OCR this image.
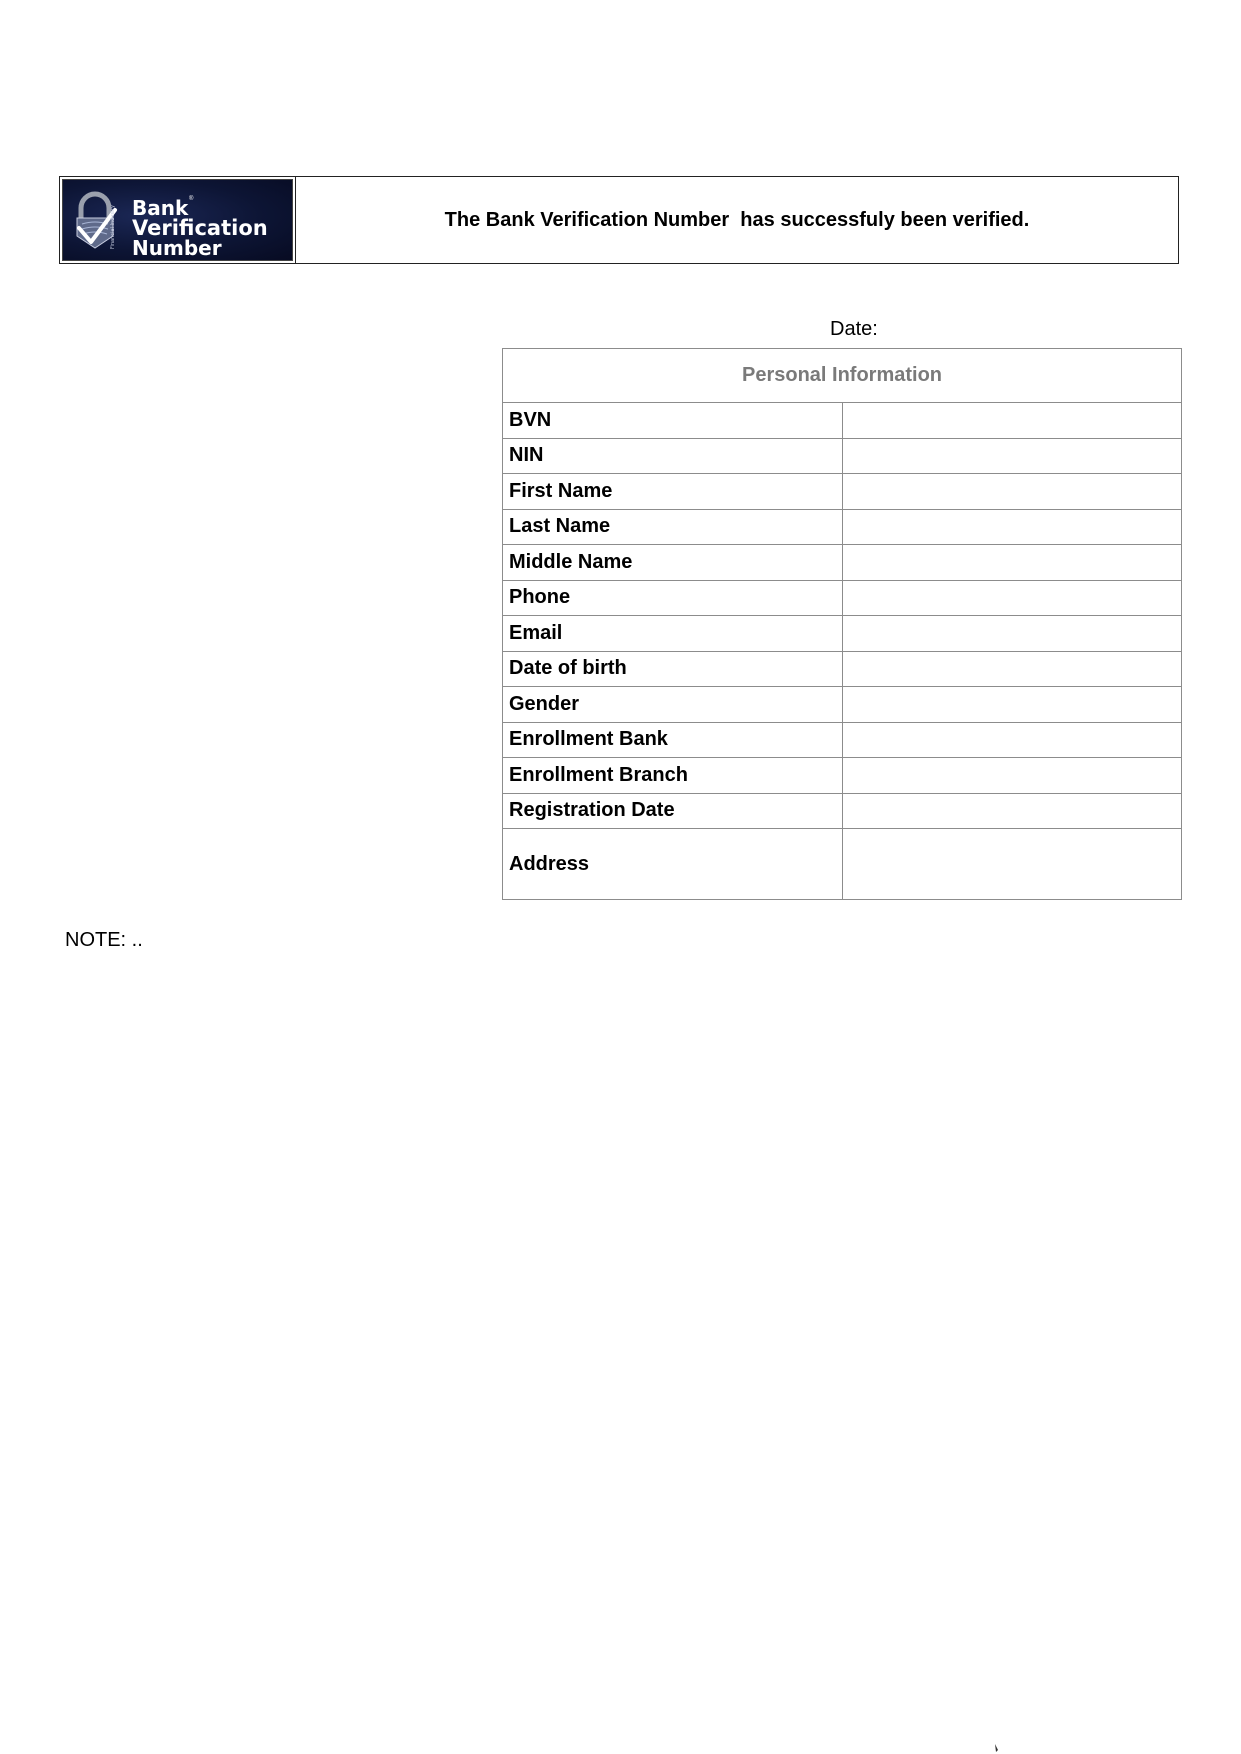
Financial Industry Bank ®
Verification
Number
The Bank Verification Number  has successfuly been verified.
Date:
Personal Information	
BVN	
NIN	
First Name	
Last Name	
Middle Name	
Phone	
Email	
Date of birth	
Gender	
Enrollment Bank	
Enrollment Branch	
Registration Date	
Address	
NOTE: ..
